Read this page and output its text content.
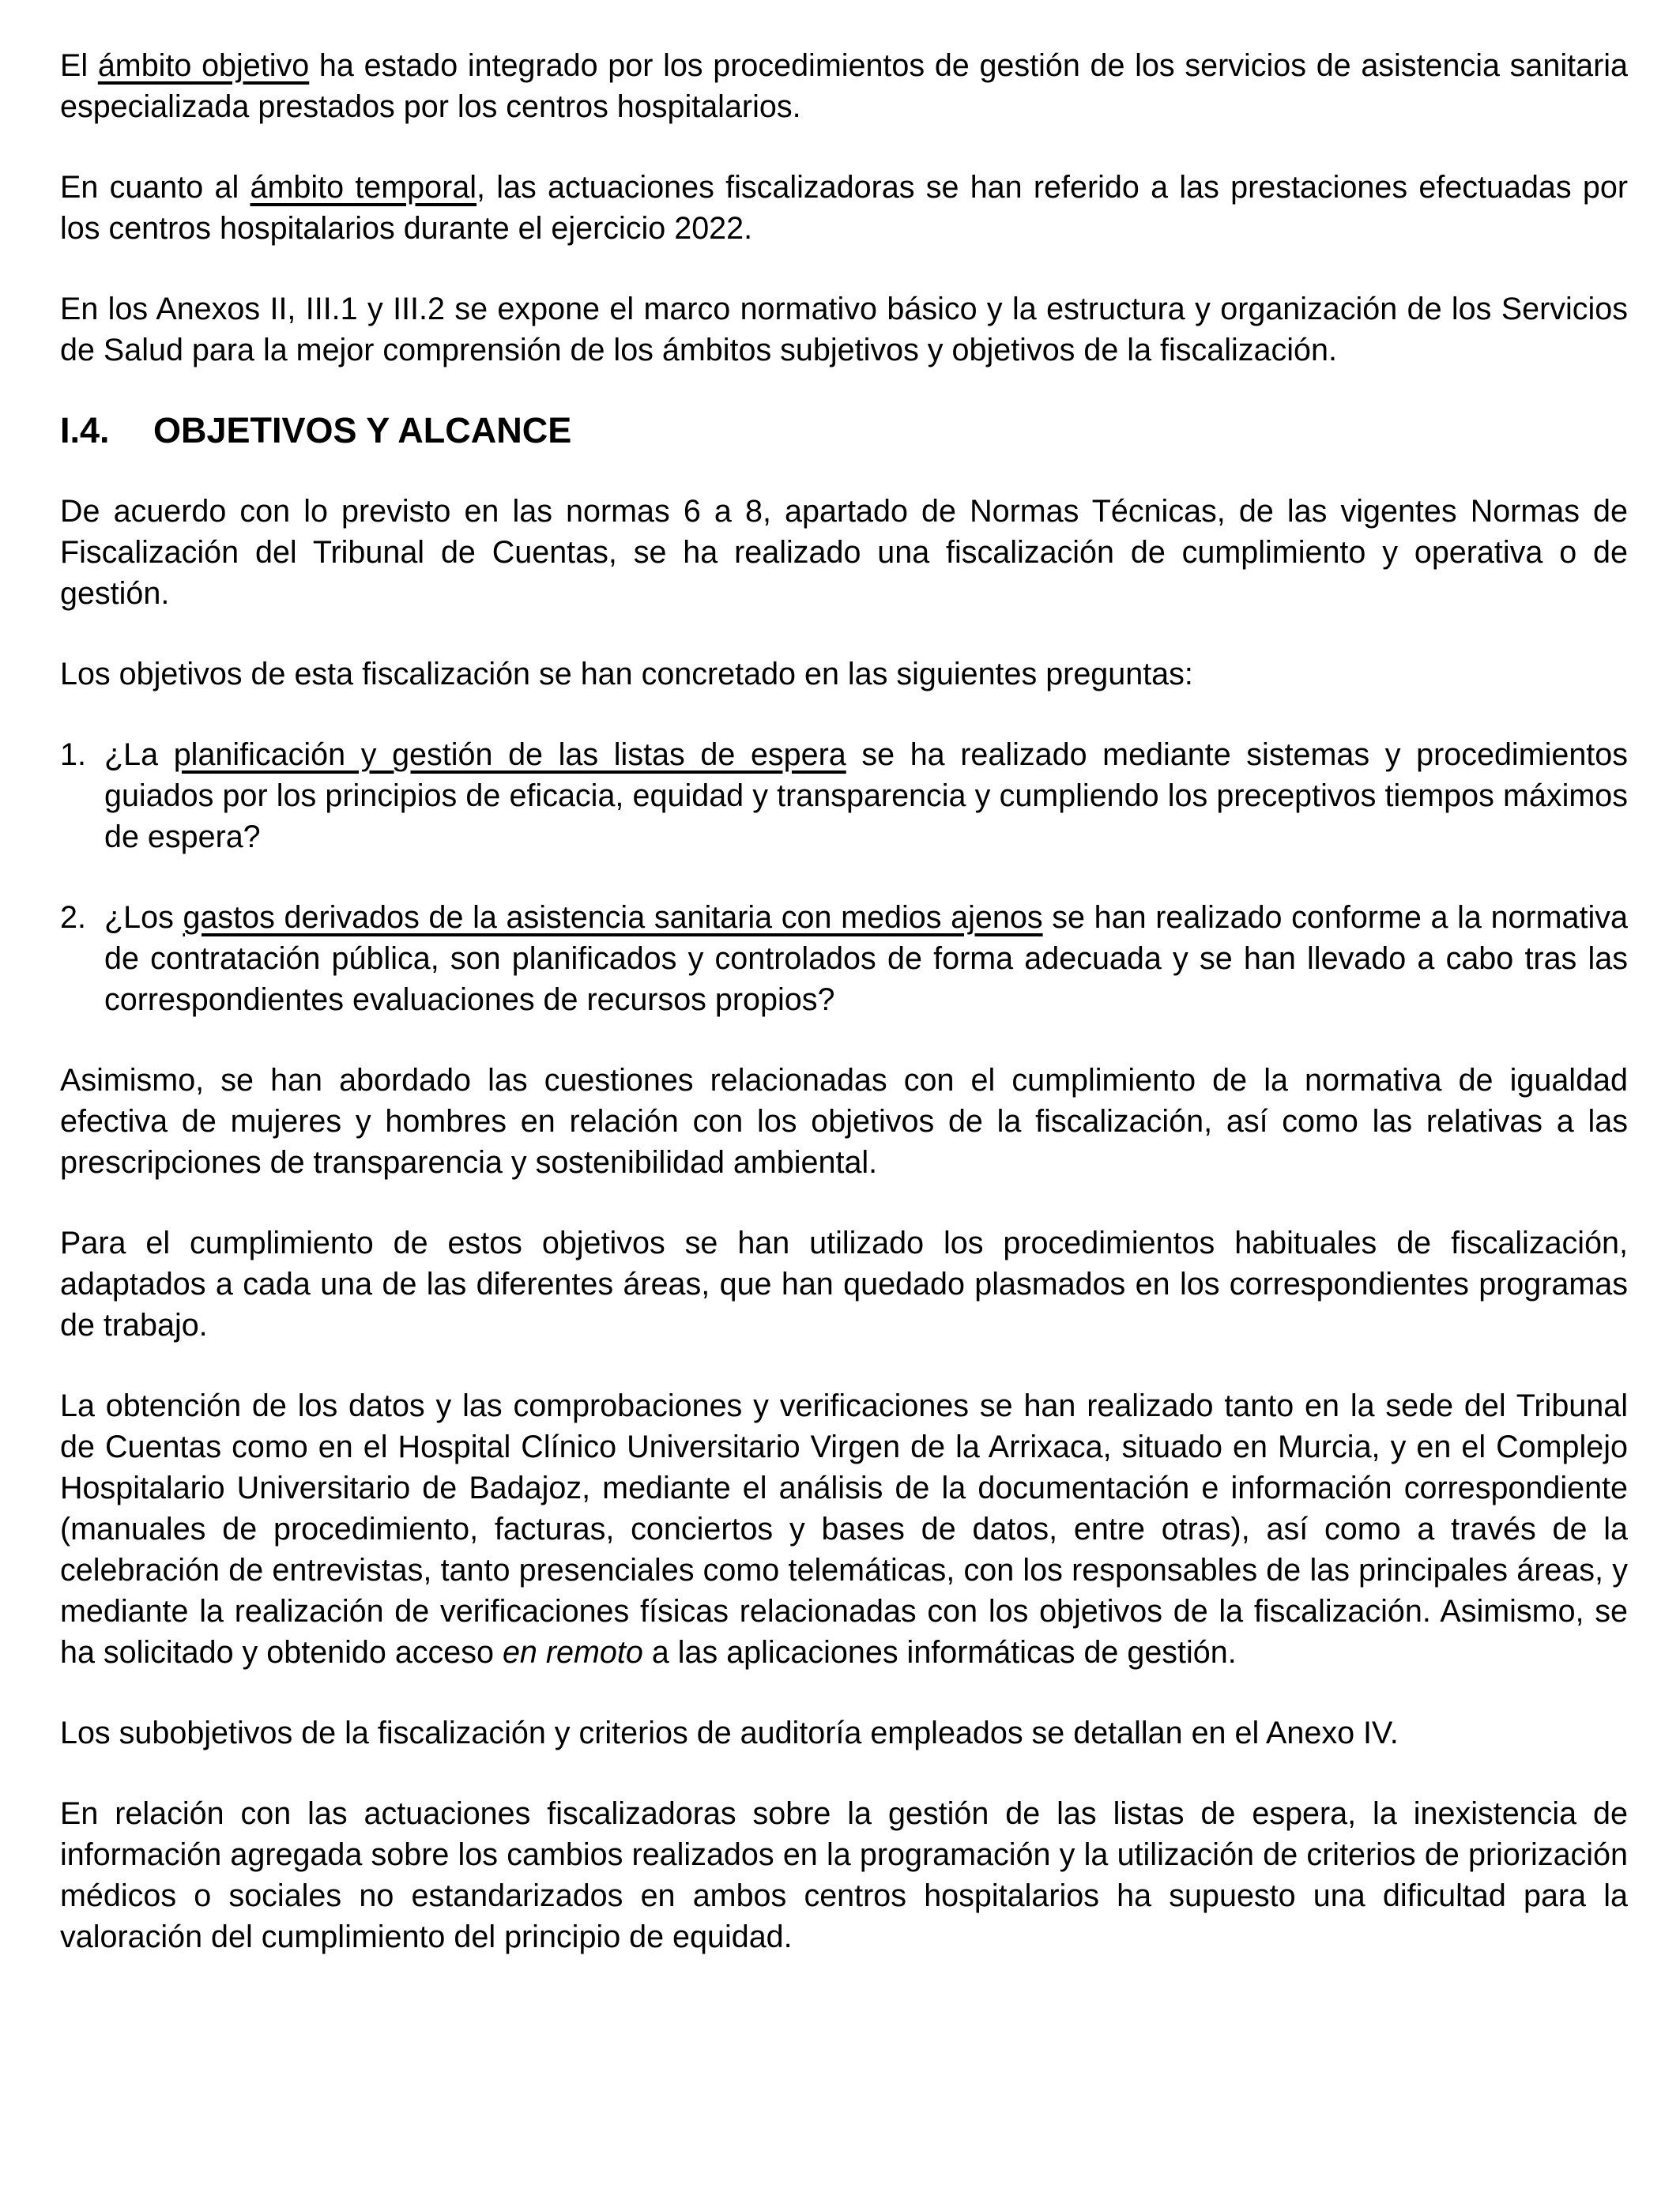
El ámbito objetivo ha estado integrado por los procedimientos de gestión de los servicios de asistencia sanitaria especializada prestados por los centros hospitalarios.

En cuanto al ámbito temporal, las actuaciones fiscalizadoras se han referido a las prestaciones efectuadas por los centros hospitalarios durante el ejercicio 2022.

En los Anexos II, III.1 y III.2 se expone el marco normativo básico y la estructura y organización de los Servicios de Salud para la mejor comprensión de los ámbitos subjetivos y objetivos de la fiscalización.

I.4. OBJETIVOS Y ALCANCE

De acuerdo con lo previsto en las normas 6 a 8, apartado de Normas Técnicas, de las vigentes Normas de Fiscalización del Tribunal de Cuentas, se ha realizado una fiscalización de cumplimiento y operativa o de gestión.

Los objetivos de esta fiscalización se han concretado en las siguientes preguntas:

1. ¿La planificación y gestión de las listas de espera se ha realizado mediante sistemas y procedimientos guiados por los principios de eficacia, equidad y transparencia y cumpliendo los preceptivos tiempos máximos de espera?
2. ¿Los gastos derivados de la asistencia sanitaria con medios ajenos se han realizado conforme a la normativa de contratación pública, son planificados y controlados de forma adecuada y se han llevado a cabo tras las correspondientes evaluaciones de recursos propios?

Asimismo, se han abordado las cuestiones relacionadas con el cumplimiento de la normativa de igualdad efectiva de mujeres y hombres en relación con los objetivos de la fiscalización, así como las relativas a las prescripciones de transparencia y sostenibilidad ambiental.

Para el cumplimiento de estos objetivos se han utilizado los procedimientos habituales de fiscalización, adaptados a cada una de las diferentes áreas, que han quedado plasmados en los correspondientes programas de trabajo.

La obtención de los datos y las comprobaciones y verificaciones se han realizado tanto en la sede del Tribunal de Cuentas como en el Hospital Clínico Universitario Virgen de la Arrixaca, situado en Murcia, y en el Complejo Hospitalario Universitario de Badajoz, mediante el análisis de la documentación e información correspondiente (manuales de procedimiento, facturas, conciertos y bases de datos, entre otras), así como a través de la celebración de entrevistas, tanto presenciales como telemáticas, con los responsables de las principales áreas, y mediante la realización de verificaciones físicas relacionadas con los objetivos de la fiscalización. Asimismo, se ha solicitado y obtenido acceso en remoto a las aplicaciones informáticas de gestión.

Los subobjetivos de la fiscalización y criterios de auditoría empleados se detallan en el Anexo IV.

En relación con las actuaciones fiscalizadoras sobre la gestión de las listas de espera, la inexistencia de información agregada sobre los cambios realizados en la programación y la utilización de criterios de priorización médicos o sociales no estandarizados en ambos centros hospitalarios ha supuesto una dificultad para la valoración del cumplimiento del principio de equidad.
